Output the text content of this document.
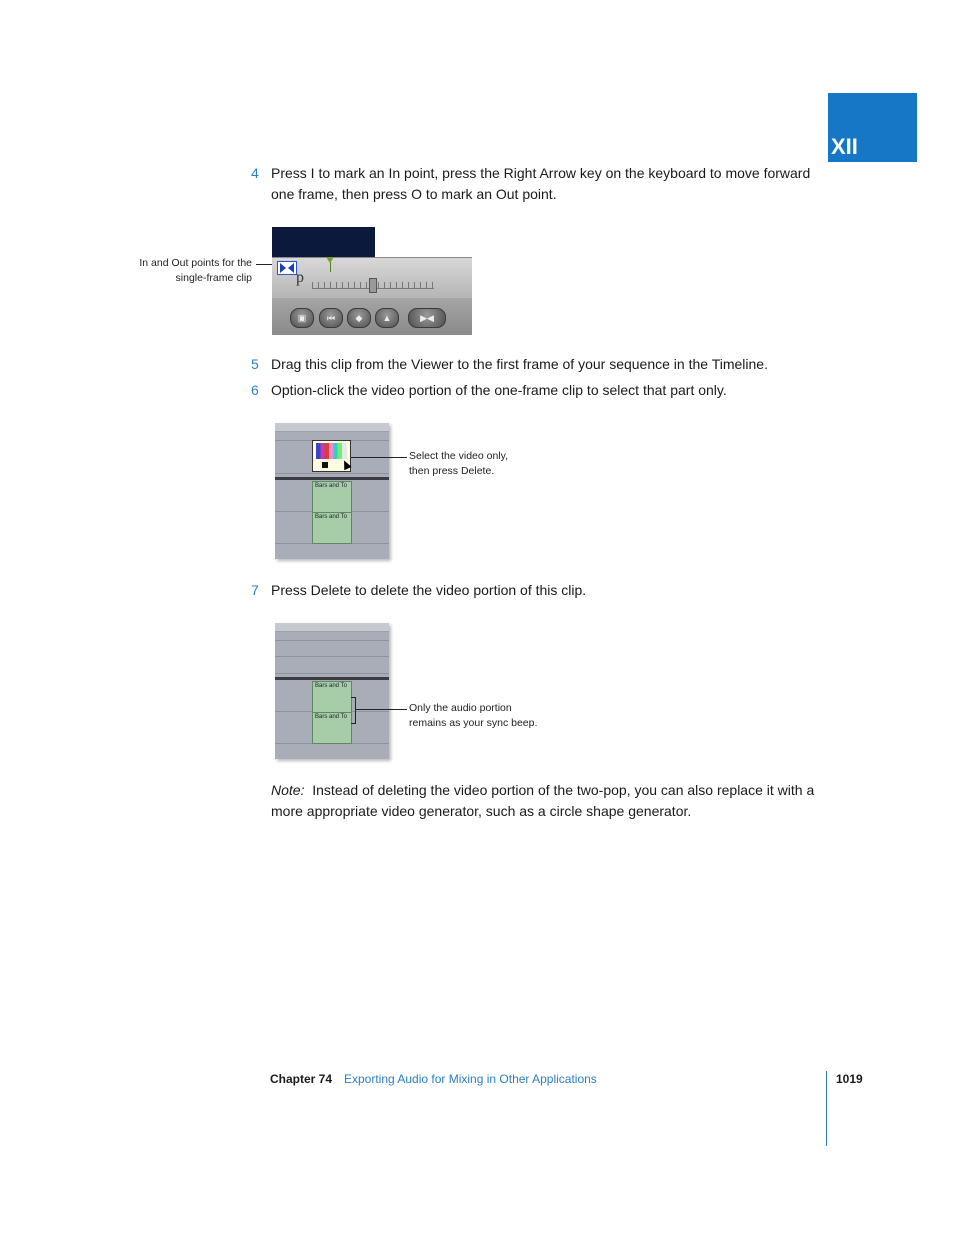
XII
4 Press I to mark an In point, press the Right Arrow key on the keyboard to move forward one frame, then press O to mark an Out point.
In and Out points for the
single-frame clip	p
▣	⏮	◆	▲	▶◀
5 Drag this clip from the Viewer to the first frame of your sequence in the Timeline.
6 Option-click the video portion of the one-frame clip to select that part only.
Bars and To
Bars and To
Select the video only,
then press Delete.
7 Press Delete to delete the video portion of this clip.
Bars and To
Bars and To
Only the audio portion
remains as your sync beep.
Note: Instead of deleting the video portion of the two-pop, you can also replace it with a more appropriate video generator, such as a circle shape generator.
Chapter 74 Exporting Audio for Mixing in Other Applications	1019
